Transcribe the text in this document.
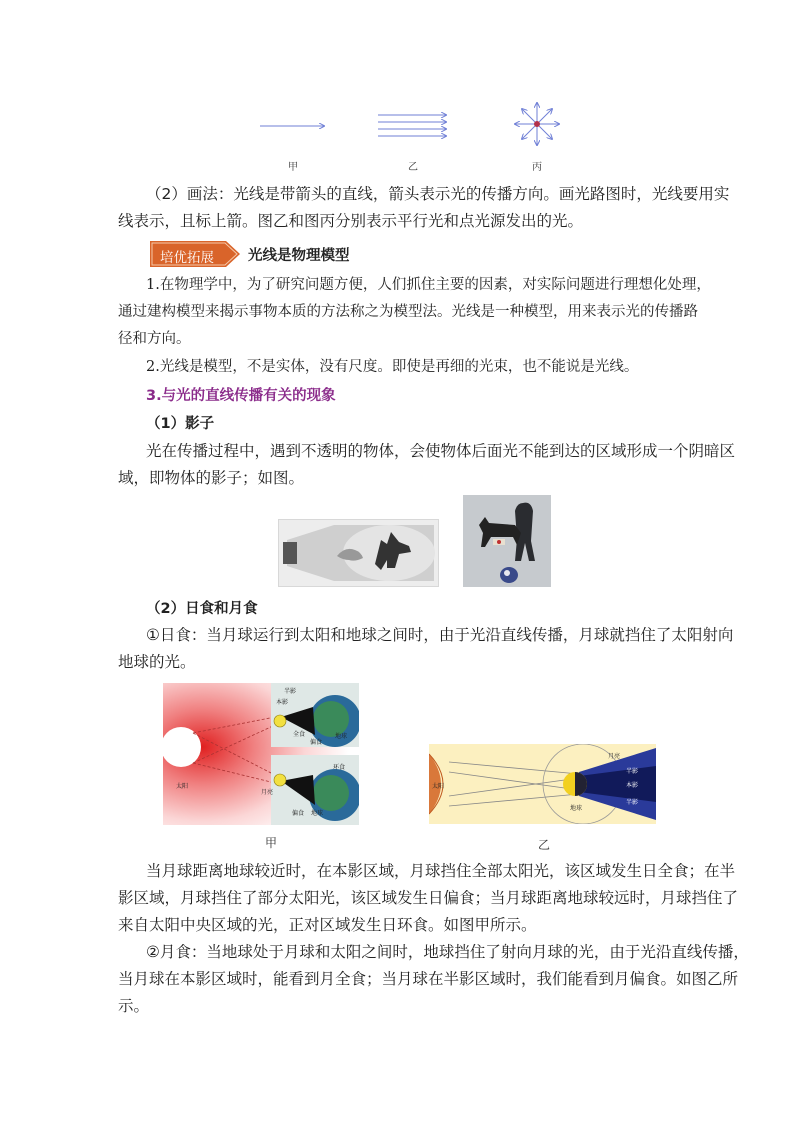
甲	乙	丙
（2）画法：光线是带箭头的直线，箭头表示光的传播方向。画光路图时，光线要用实
线表示，且标上箭。图乙和图丙分别表示平行光和点光源发出的光。
培优拓展 光线是物理模型
1.在物理学中，为了研究问题方便，人们抓住主要的因素，对实际问题进行理想化处理，
通过建构模型来揭示事物本质的方法称之为模型法。光线是一种模型，用来表示光的传播路
径和方向。
2.光线是模型，不是实体，没有尺度。即使是再细的光束，也不能说是光线。
3.与光的直线传播有关的现象
（1）影子
光在传播过程中，遇到不透明的物体，会使物体后面光不能到达的区域形成一个阴暗区
域，即物体的影子；如图。
（2）日食和月食
①日食：当月球运行到太阳和地球之间时，由于光沿直线传播，月球就挡住了太阳射向
地球的光。
半影
本影
全食
偏食
地球
太阳
月亮
环食
偏食 地球
甲
太阳
月亮
半影
本影
半影
地球
乙
当月球距离地球较近时，在本影区域，月球挡住全部太阳光，该区域发生日全食；在半
影区域，月球挡住了部分太阳光，该区域发生日偏食；当月球距离地球较远时，月球挡住了
来自太阳中央区域的光，正对区域发生日环食。如图甲所示。
②月食：当地球处于月球和太阳之间时，地球挡住了射向月球的光，由于光沿直线传播，
当月球在本影区域时，能看到月全食；当月球在半影区域时，我们能看到月偏食。如图乙所
示。
